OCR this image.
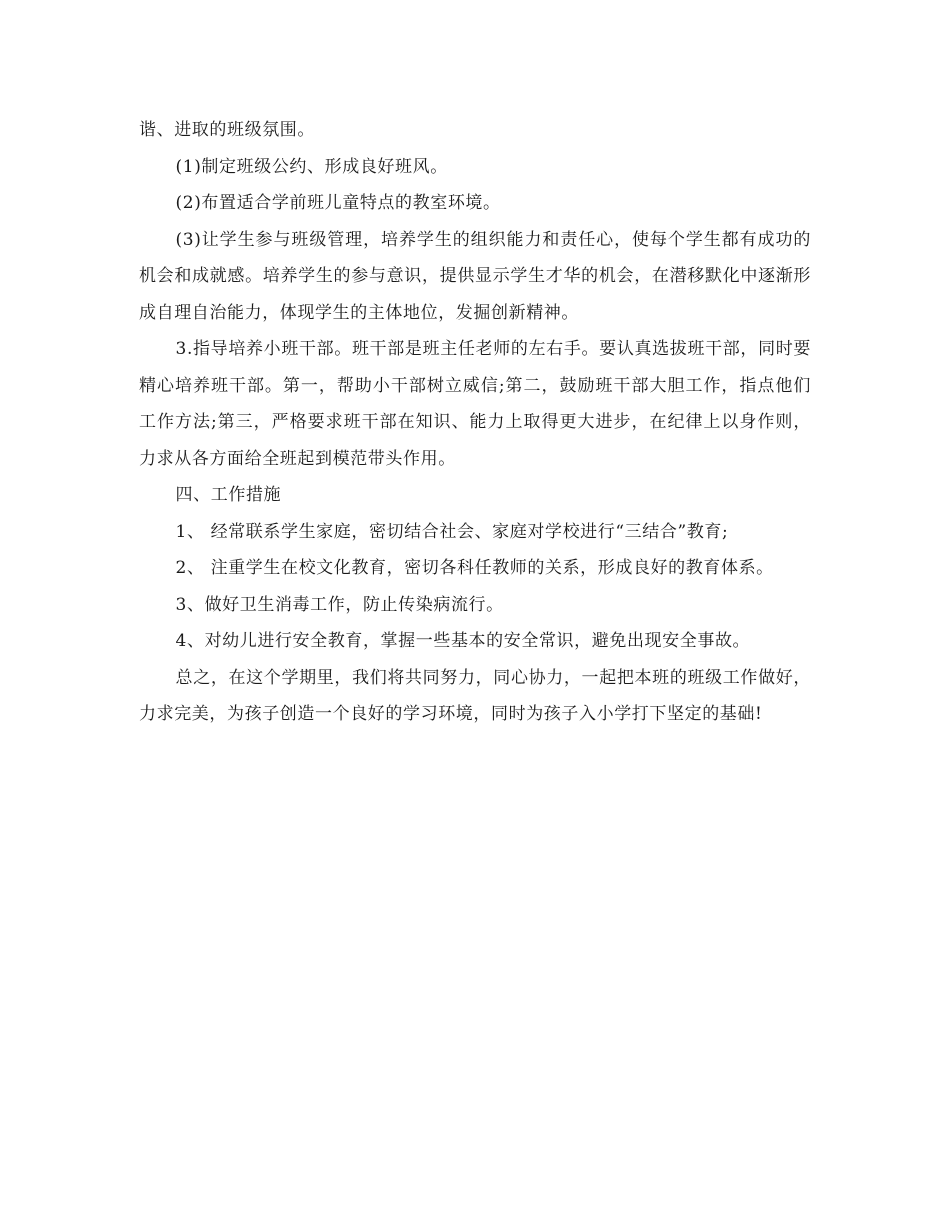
谐、进取的班级氛围。

(1)制定班级公约、形成良好班风。

(2)布置适合学前班儿童特点的教室环境。

(3)让学生参与班级管理，培养学生的组织能力和责任心，使每个学生都有成功的机会和成就感。培养学生的参与意识，提供显示学生才华的机会，在潜移默化中逐渐形成自理自治能力，体现学生的主体地位，发掘创新精神。

3.指导培养小班干部。班干部是班主任老师的左右手。要认真选拔班干部，同时要精心培养班干部。第一，帮助小干部树立威信;第二，鼓励班干部大胆工作，指点他们工作方法;第三，严格要求班干部在知识、能力上取得更大进步，在纪律上以身作则，力求从各方面给全班起到模范带头作用。

四、工作措施

1、 经常联系学生家庭，密切结合社会、家庭对学校进行“三结合”教育;

2、 注重学生在校文化教育，密切各科任教师的关系，形成良好的教育体系。

3、做好卫生消毒工作，防止传染病流行。

4、对幼儿进行安全教育，掌握一些基本的安全常识，避免出现安全事故。

总之，在这个学期里，我们将共同努力，同心协力，一起把本班的班级工作做好，力求完美，为孩子创造一个良好的学习环境，同时为孩子入小学打下坚定的基础!
